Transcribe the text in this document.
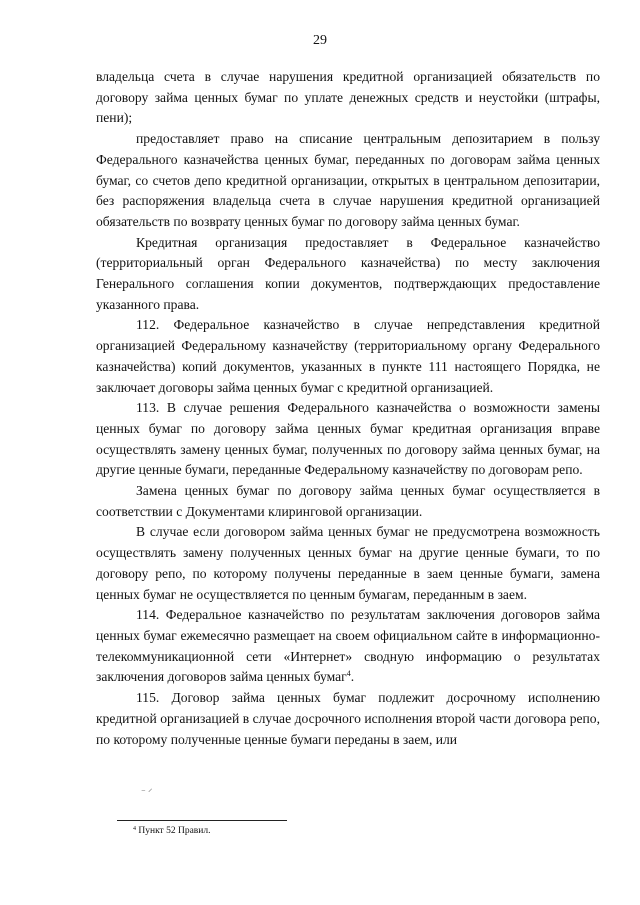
29

владельца счета в случае нарушения кредитной организацией обязательств по договору займа ценных бумаг по уплате денежных средств и неустойки (штрафы, пени);

предоставляет право на списание центральным депозитарием в пользу Федерального казначейства ценных бумаг, переданных по договорам займа ценных бумаг, со счетов депо кредитной организации, открытых в центральном депозитарии, без распоряжения владельца счета в случае нарушения кредитной организацией обязательств по возврату ценных бумаг по договору займа ценных бумаг.

Кредитная организация предоставляет в Федеральное казначейство (территориальный орган Федерального казначейства) по месту заключения Генерального соглашения копии документов, подтверждающих предоставление указанного права.

112. Федеральное казначейство в случае непредставления кредитной организацией Федеральному казначейству (территориальному органу Федерального казначейства) копий документов, указанных в пункте 111 настоящего Порядка, не заключает договоры займа ценных бумаг с кредитной организацией.

113. В случае решения Федерального казначейства о возможности замены ценных бумаг по договору займа ценных бумаг кредитная организация вправе осуществлять замену ценных бумаг, полученных по договору займа ценных бумаг, на другие ценные бумаги, переданные Федеральному казначейству по договорам репо.

Замена ценных бумаг по договору займа ценных бумаг осуществляется в соответствии с Документами клиринговой организации.

В случае если договором займа ценных бумаг не предусмотрена возможность осуществлять замену полученных ценных бумаг на другие ценные бумаги, то по договору репо, по которому получены переданные в заем ценные бумаги, замена ценных бумаг не осуществляется по ценным бумагам, переданным в заем.

114. Федеральное казначейство по результатам заключения договоров займа ценных бумаг ежемесячно размещает на своем официальном сайте в информационно-телекоммуникационной сети «Интернет» сводную информацию о результатах заключения договоров займа ценных бумаг$^4$.

115. Договор займа ценных бумаг подлежит досрочному исполнению кредитной организацией в случае досрочного исполнения второй части договора репо, по которому полученные ценные бумаги переданы в заем, или

⁻ ⸍
$^4$ Пункт 52 Правил.
